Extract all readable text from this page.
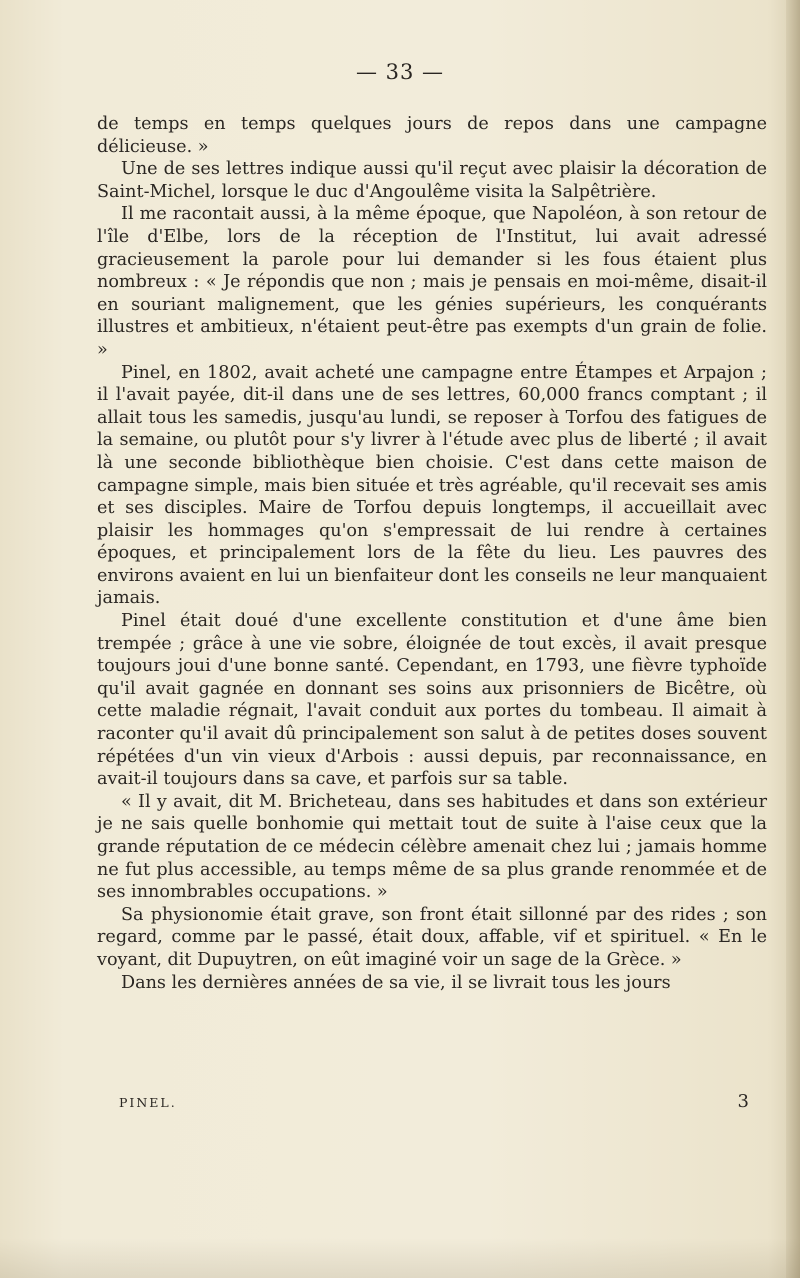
— 33 —

de temps en temps quelques jours de repos dans une campagne délicieuse. »

Une de ses lettres indique aussi qu'il reçut avec plaisir la décoration de Saint-Michel, lorsque le duc d'Angoulême visita la Salpêtrière.

Il me racontait aussi, à la même époque, que Napoléon, à son retour de l'île d'Elbe, lors de la réception de l'Institut, lui avait adressé gracieusement la parole pour lui demander si les fous étaient plus nombreux : « Je répondis que non ; mais je pensais en moi-même, disait-il en souriant malignement, que les génies supérieurs, les conquérants illustres et ambitieux, n'étaient peut-être pas exempts d'un grain de folie. »

Pinel, en 1802, avait acheté une campagne entre Étampes et Arpajon ; il l'avait payée, dit-il dans une de ses lettres, 60,000 francs comptant ; il allait tous les samedis, jusqu'au lundi, se reposer à Torfou des fatigues de la semaine, ou plutôt pour s'y livrer à l'étude avec plus de liberté ; il avait là une seconde bibliothèque bien choisie. C'est dans cette maison de campagne simple, mais bien située et très agréable, qu'il recevait ses amis et ses disciples. Maire de Torfou depuis longtemps, il accueillait avec plaisir les hommages qu'on s'empressait de lui rendre à certaines époques, et principalement lors de la fête du lieu. Les pauvres des environs avaient en lui un bienfaiteur dont les conseils ne leur manquaient jamais.

Pinel était doué d'une excellente constitution et d'une âme bien trempée ; grâce à une vie sobre, éloignée de tout excès, il avait presque toujours joui d'une bonne santé. Cependant, en 1793, une fièvre typhoïde qu'il avait gagnée en donnant ses soins aux prisonniers de Bicêtre, où cette maladie régnait, l'avait conduit aux portes du tombeau. Il aimait à raconter qu'il avait dû principalement son salut à de petites doses souvent répétées d'un vin vieux d'Arbois : aussi depuis, par reconnaissance, en avait-il toujours dans sa cave, et parfois sur sa table.

« Il y avait, dit M. Bricheteau, dans ses habitudes et dans son extérieur je ne sais quelle bonhomie qui mettait tout de suite à l'aise ceux que la grande réputation de ce médecin célèbre amenait chez lui ; jamais homme ne fut plus accessible, au temps même de sa plus grande renommée et de ses innombrables occupations. »

Sa physionomie était grave, son front était sillonné par des rides ; son regard, comme par le passé, était doux, affable, vif et spirituel. « En le voyant, dit Dupuytren, on eût imaginé voir un sage de la Grèce. »

Dans les dernières années de sa vie, il se livrait tous les jours

PINEL.	3
